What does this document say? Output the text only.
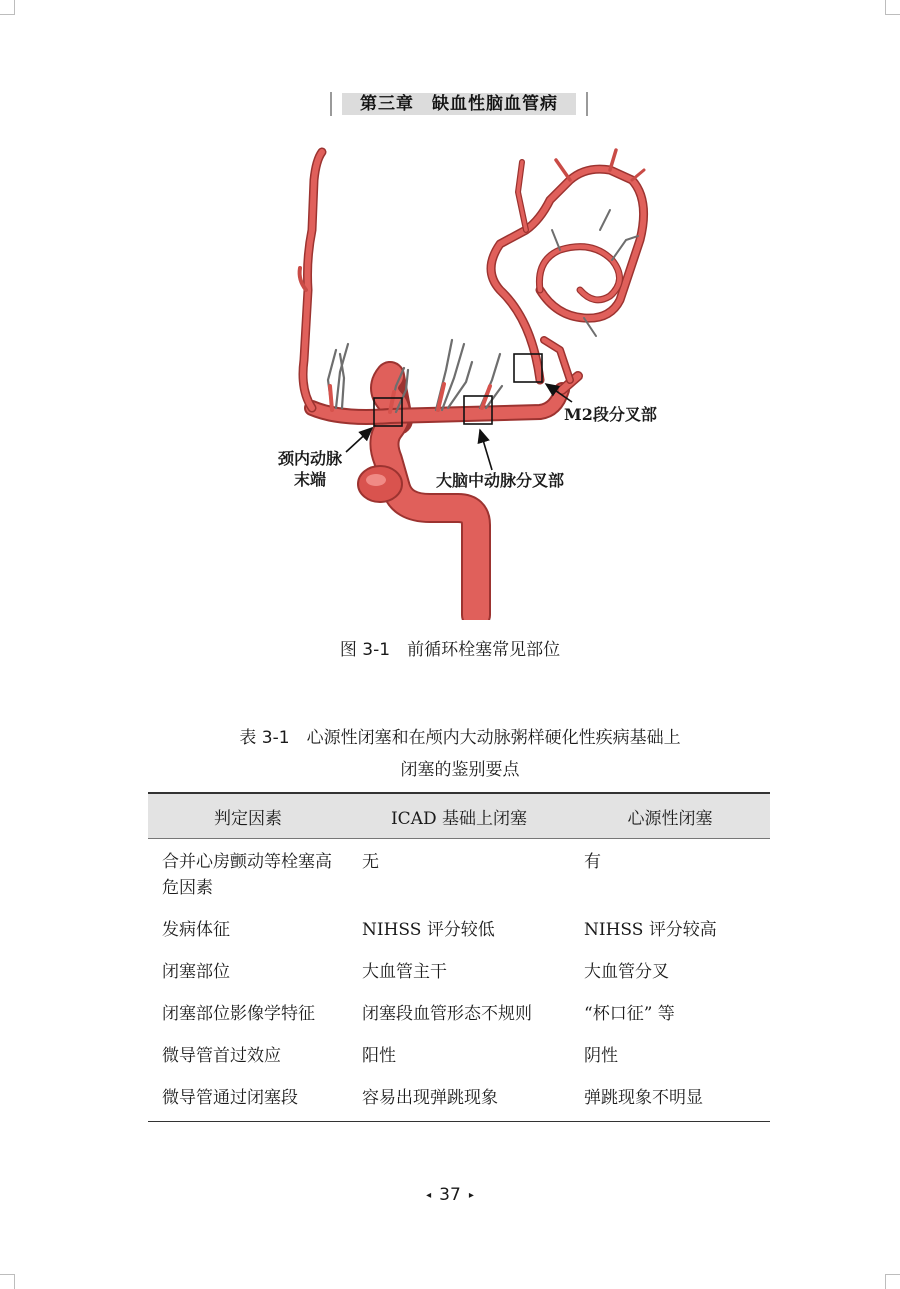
第三章　缺血性脑血管病
颈内动脉
末端	大脑中动脉分叉部
M2段分叉部
图 3-1　前循环栓塞常见部位
表 3-1　心源性闭塞和在颅内大动脉粥样硬化性疾病基础上
闭塞的鉴别要点
判定因素	ICAD 基础上闭塞	心源性闭塞
合并心房颤动等栓塞高危因素	无	有
发病体征	NIHSS 评分较低	NIHSS 评分较高
闭塞部位	大血管主干	大血管分叉
闭塞部位影像学特征	闭塞段血管形态不规则	“杯口征” 等
微导管首过效应	阳性	阴性
微导管通过闭塞段	容易出现弹跳现象	弹跳现象不明显
◂ 37 ▸
